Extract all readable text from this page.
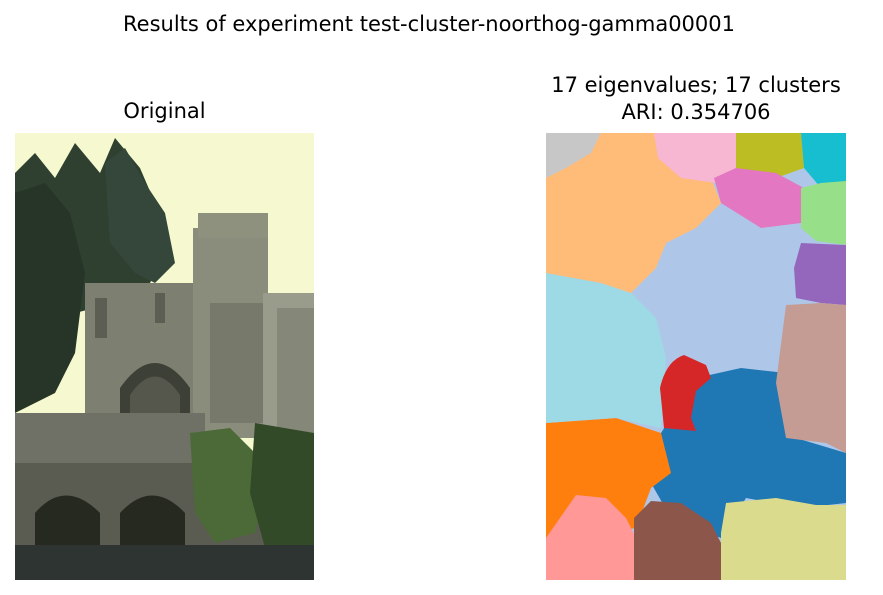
Results of experiment test-cluster-noorthog-gamma00001
Original
17 eigenvalues; 17 clusters
ARI: 0.354706
